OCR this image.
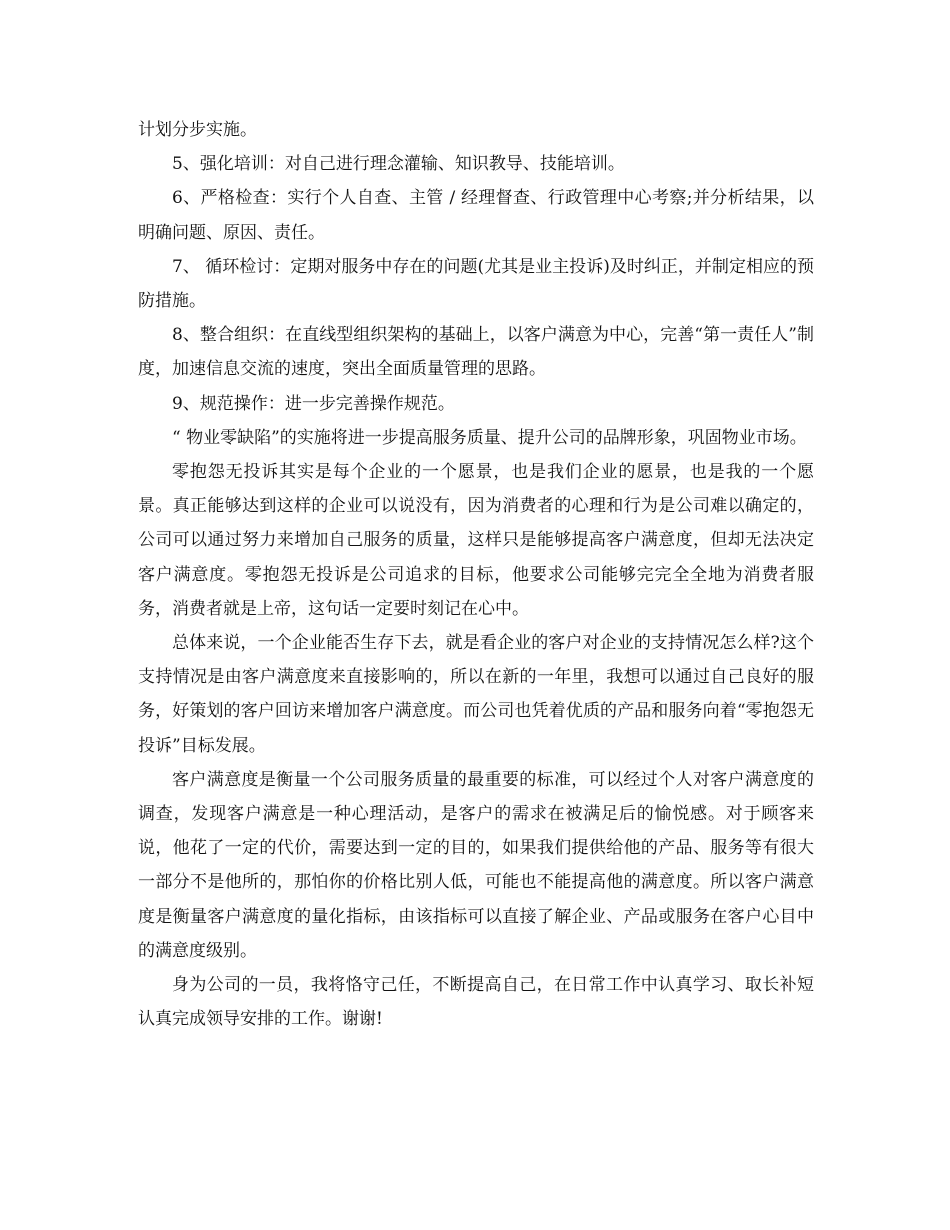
计划分步实施。

5、强化培训：对自己进行理念灌输、知识教导、技能培训。

6、严格检查：实行个人自查、主管 / 经理督查、行政管理中心考察;并分析结果，以明确问题、原因、责任。

7、 循环检讨：定期对服务中存在的问题(尤其是业主投诉)及时纠正，并制定相应的预防措施。

8、整合组织：在直线型组织架构的基础上，以客户满意为中心，完善“第一责任人”制度，加速信息交流的速度，突出全面质量管理的思路。

9、规范操作：进一步完善操作规范。

“ 物业零缺陷”的实施将进一步提高服务质量、提升公司的品牌形象，巩固物业市场。

零抱怨无投诉其实是每个企业的一个愿景，也是我们企业的愿景，也是我的一个愿景。真正能够达到这样的企业可以说没有，因为消费者的心理和行为是公司难以确定的，公司可以通过努力来增加自己服务的质量，这样只是能够提高客户满意度，但却无法决定客户满意度。零抱怨无投诉是公司追求的目标，他要求公司能够完完全全地为消费者服务，消费者就是上帝，这句话一定要时刻记在心中。

总体来说，一个企业能否生存下去，就是看企业的客户对企业的支持情况怎么样?这个支持情况是由客户满意度来直接影响的，所以在新的一年里，我想可以通过自己良好的服务，好策划的客户回访来增加客户满意度。而公司也凭着优质的产品和服务向着“零抱怨无投诉”目标发展。

客户满意度是衡量一个公司服务质量的最重要的标准，可以经过个人对客户满意度的调查，发现客户满意是一种心理活动，是客户的需求在被满足后的愉悦感。对于顾客来说，他花了一定的代价，需要达到一定的目的，如果我们提供给他的产品、服务等有很大一部分不是他所的，那怕你的价格比别人低，可能也不能提高他的满意度。所以客户满意度是衡量客户满意度的量化指标，由该指标可以直接了解企业、产品或服务在客户心目中的满意度级别。

身为公司的一员，我将恪守己任，不断提高自己，在日常工作中认真学习、取长补短认真完成领导安排的工作。谢谢!
